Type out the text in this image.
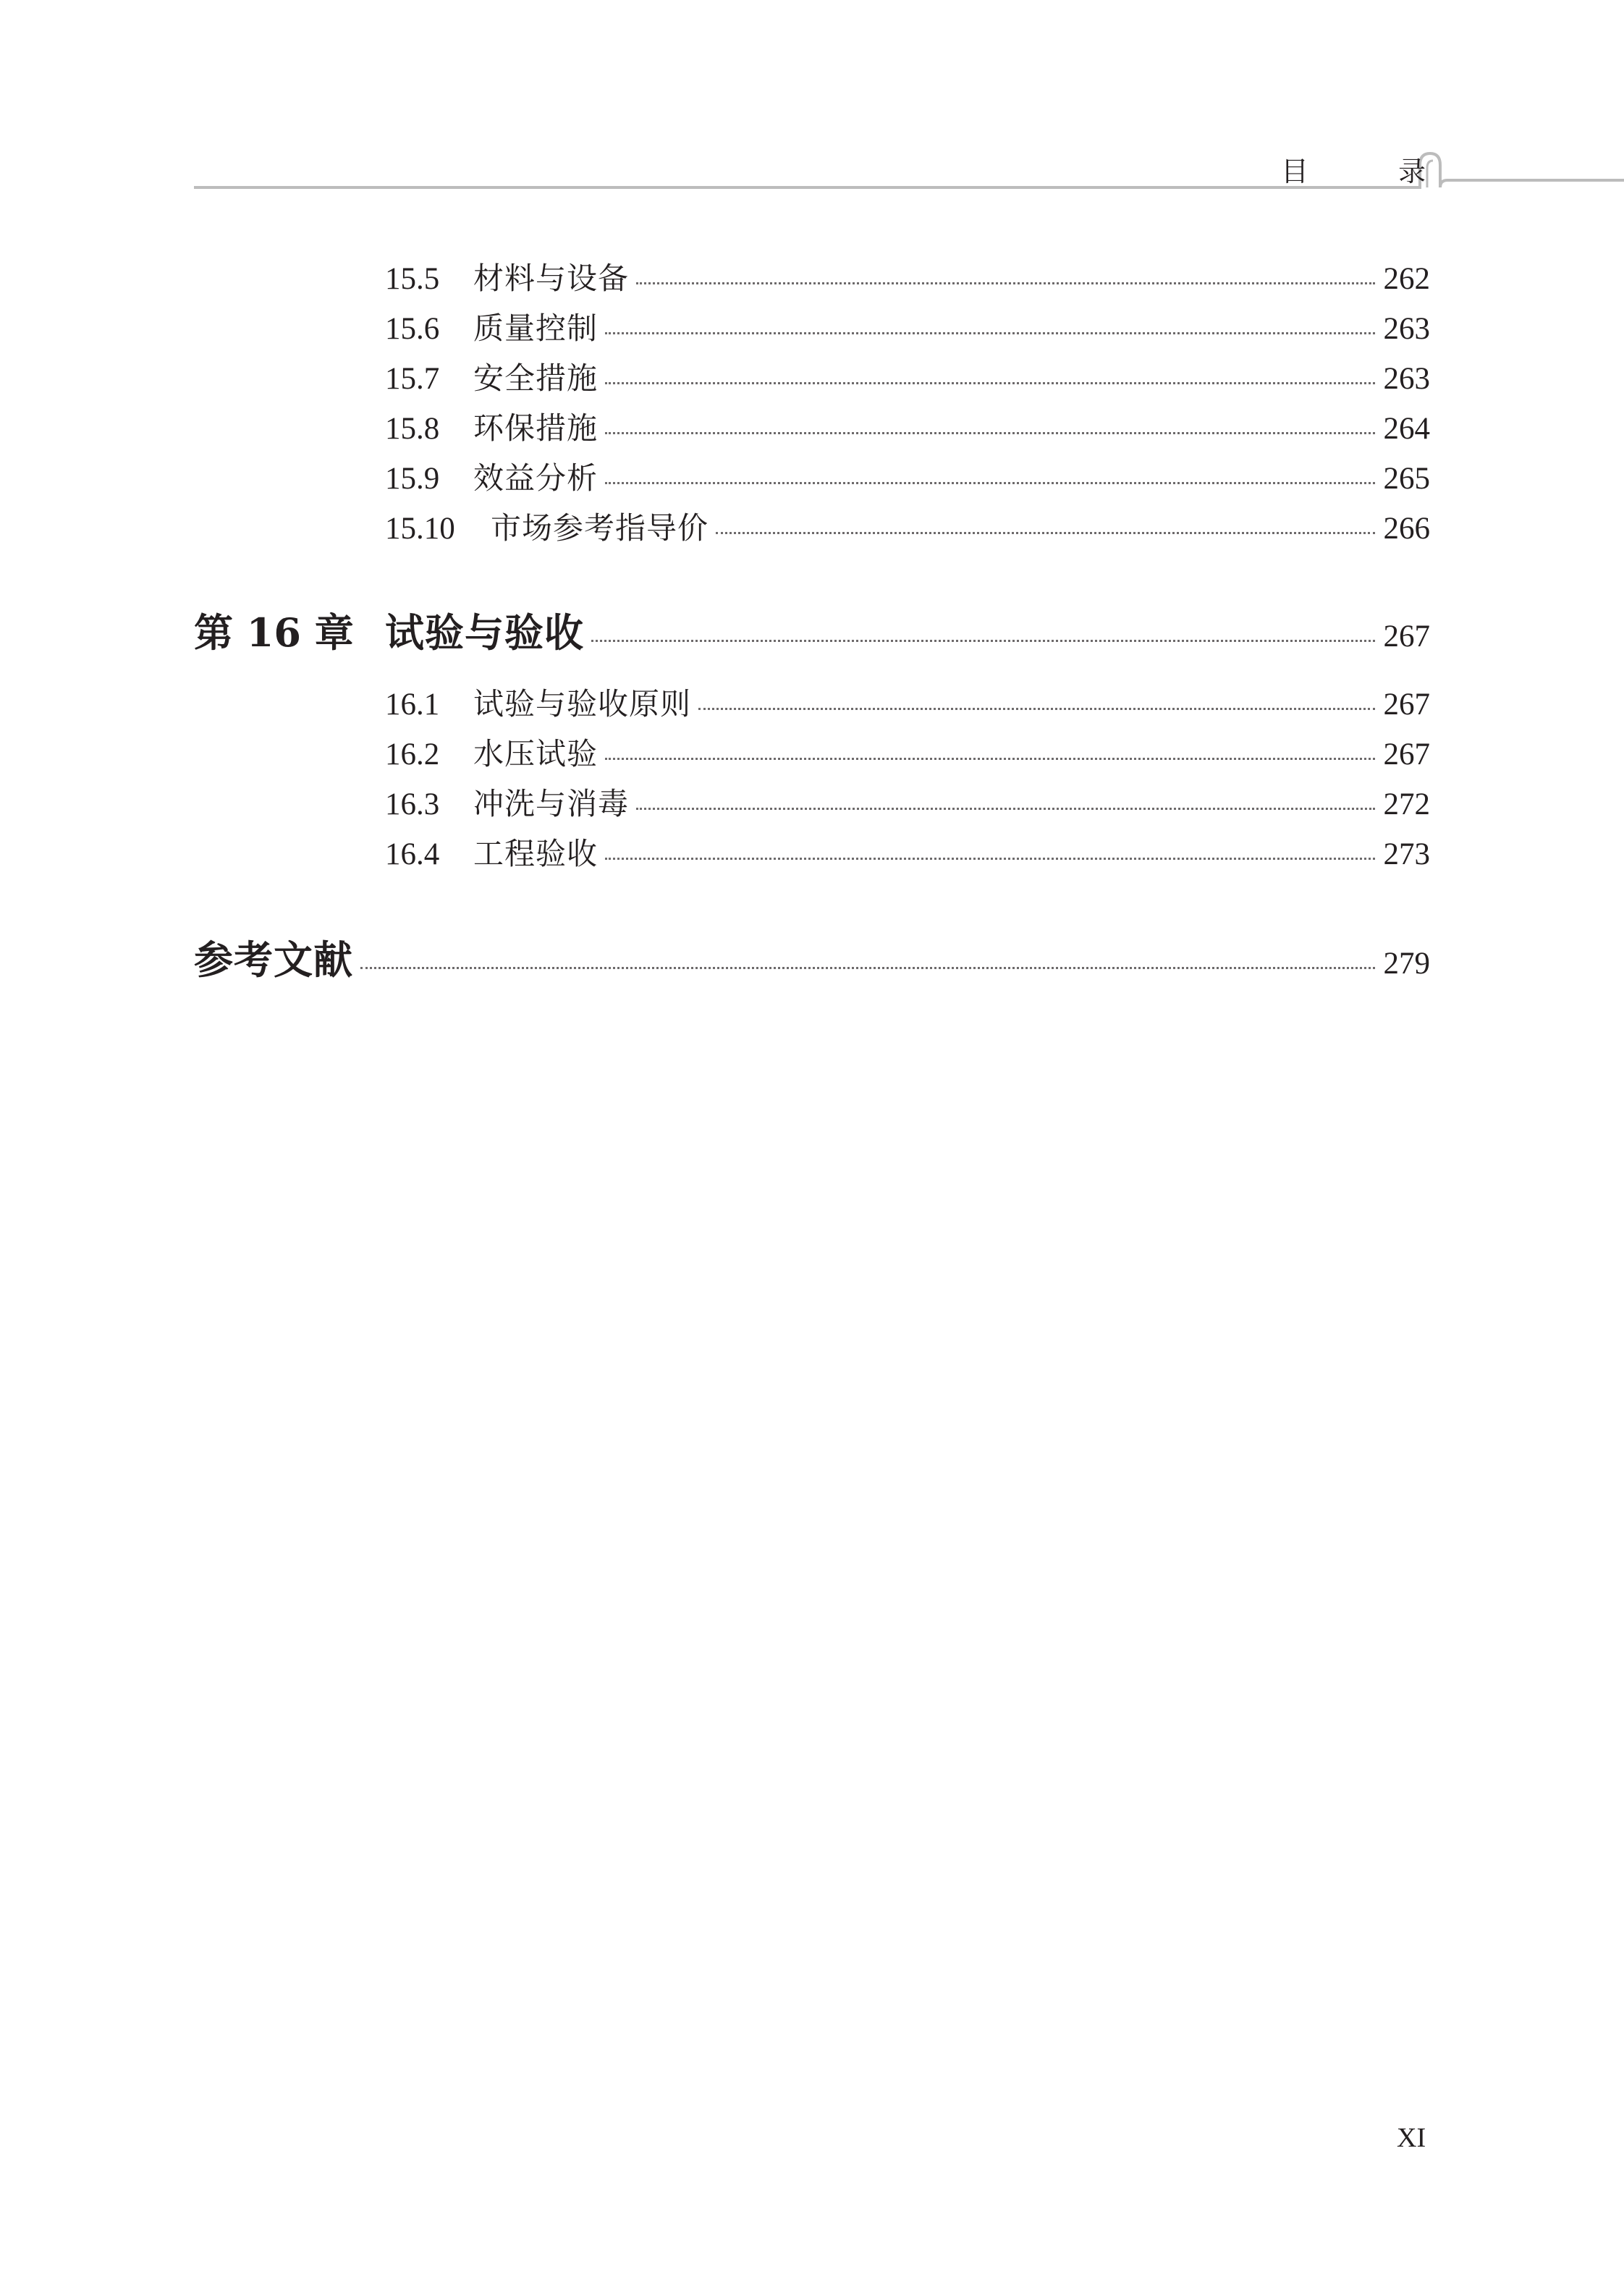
目 录
15.5	材料与设备	262
15.6	质量控制	263
15.7	安全措施	263
15.8	环保措施	264
15.9	效益分析	265
15.10	市场参考指导价	266
第 16 章 试验与验收	267
16.1	试验与验收原则	267
16.2	水压试验	267
16.3	冲洗与消毒	272
16.4	工程验收	273
参考文献	279
XI
